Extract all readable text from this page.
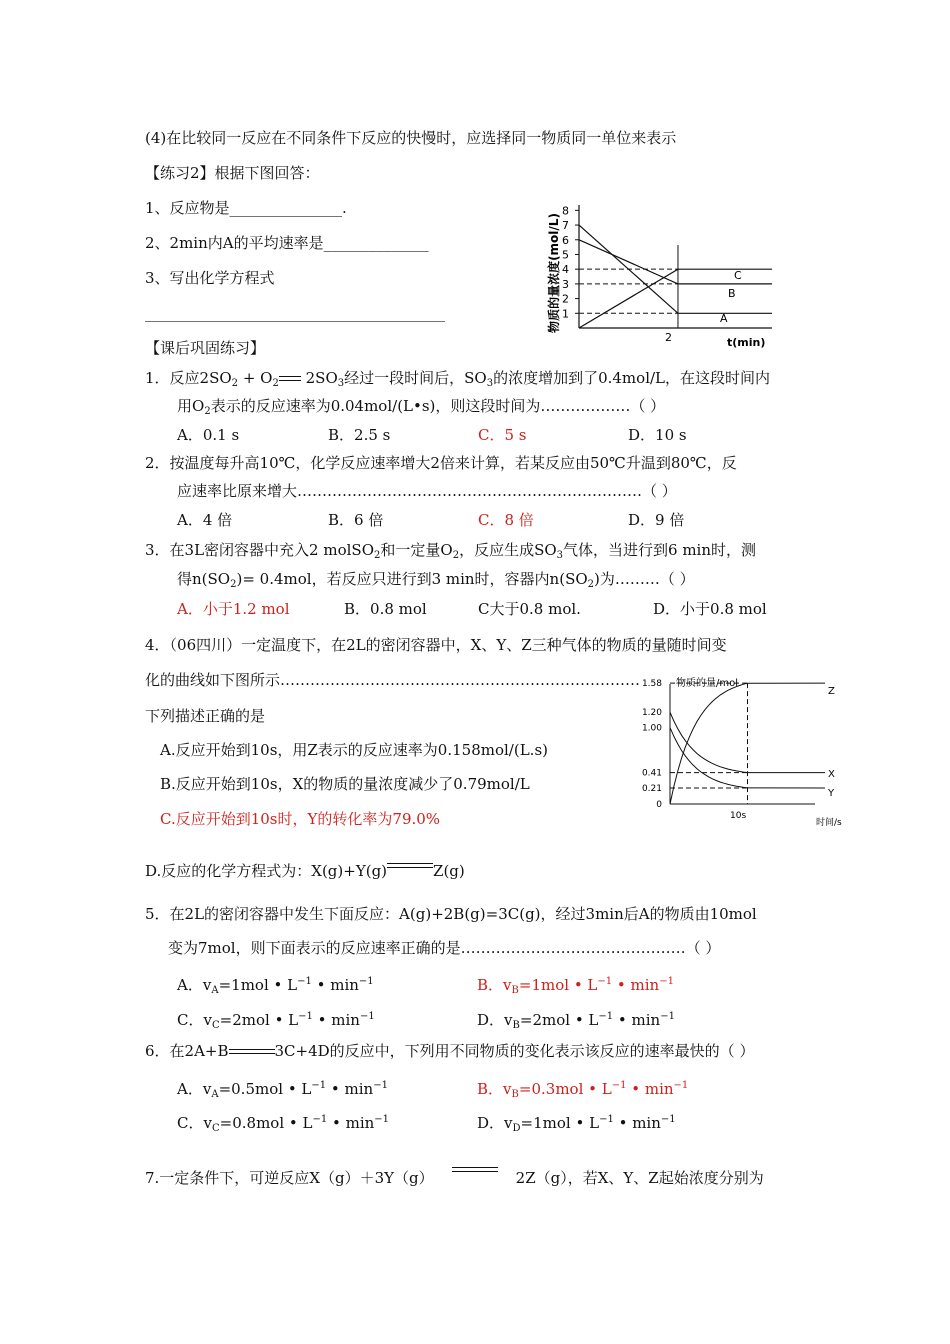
(4)在比较同一反应在不同条件下反应的快慢时，应选择同一物质同一单位来表示
【练习2】根据下图回答：
1、反应物是_______________.
2、2min内A的平均速率是______________
3、写出化学方程式
________________________________________
【课后巩固练习】
物质的量浓度(mol/L) 1
2
3
4
5
6
7
8
t(min)
2
C
B
A
1．反应$2SO_2 + O_2$ $2SO_3$经过一段时间后，$SO_3$的浓度增加到了0.4mol/L，在这段时间内
用$O_2$表示的反应速率为0.04mol/(L•s)，则这段时间为………………（ ）
A．0.1 s	B．2.5 s	C．5 s	D．10 s
2．按温度每升高10℃，化学反应速率增大2倍来计算，若某反应由50℃升温到80℃，反
应速率比原来增大……………………………………………………………（ ）
A．4 倍	B．6 倍	C．8 倍	D．9 倍
3．在3L密闭容器中充入2 molSO$_2$和一定量$O_2$，反应生成$SO_3$气体，当进行到6 min时，测
得$n(SO_2)= 0.4mol$，若反应只进行到3 min时，容器内$n(SO_2)$为………（ ）
A．小于1.2 mol	B．0.8 mol	C大于0.8 mol.	D．小于0.8 mol
4．（06四川）一定温度下，在2L的密闭容器中，X、Y、Z三种气体的物质的量随时间变
化的曲线如下图所示………………………………………………………………
下列描述正确的是
A.反应开始到10s，用Z表示的反应速率为0.158mol/(L.s)
B.反应开始到10s，X的物质的量浓度减少了0.79mol/L
C.反应开始到10s时，Y的转化率为79.0%
D.反应的化学方程式为：X(g)+Y(g)	Z(g)
物质的量/mol
1.58
1.20
1.00
0.41
0.21
0
10s
时间/s
Z
X
Y
5．在2L的密闭容器中发生下面反应：A(g)+2B(g)=3C(g)，经过3min后A的物质由10mol
变为7mol，则下面表示的反应速率正确的是………………………………………（ ）
A．$v_A=1mol$ • $L^{-1}$ • $\min^{-1}$	B．$v_B=1mol$ • $L^{-1}$ • $\min^{-1}$
C．$v_C=2mol$ • $L^{-1}$ • $\min^{-1}$	D．$v_B=2mol$ • $L^{-1}$ • $\min^{-1}$
6．在2A+B	3C+4D的反应中，下列用不同物质的变化表示该反应的速率最快的（ ）
A．$v_A=0.5mol$ • $L^{-1}$ • $\min^{-1}$	B．$v_B=0.3mol$ • $L^{-1}$ • $\min^{-1}$
C．$v_C=0.8mol$ • $L^{-1}$ • $\min^{-1}$	D．$v_D=1mol$ • $L^{-1}$ • $\min^{-1}$
7.一定条件下，可逆反应X（g）＋3Y（g）	2Z（g），若X、Y、Z起始浓度分别为
